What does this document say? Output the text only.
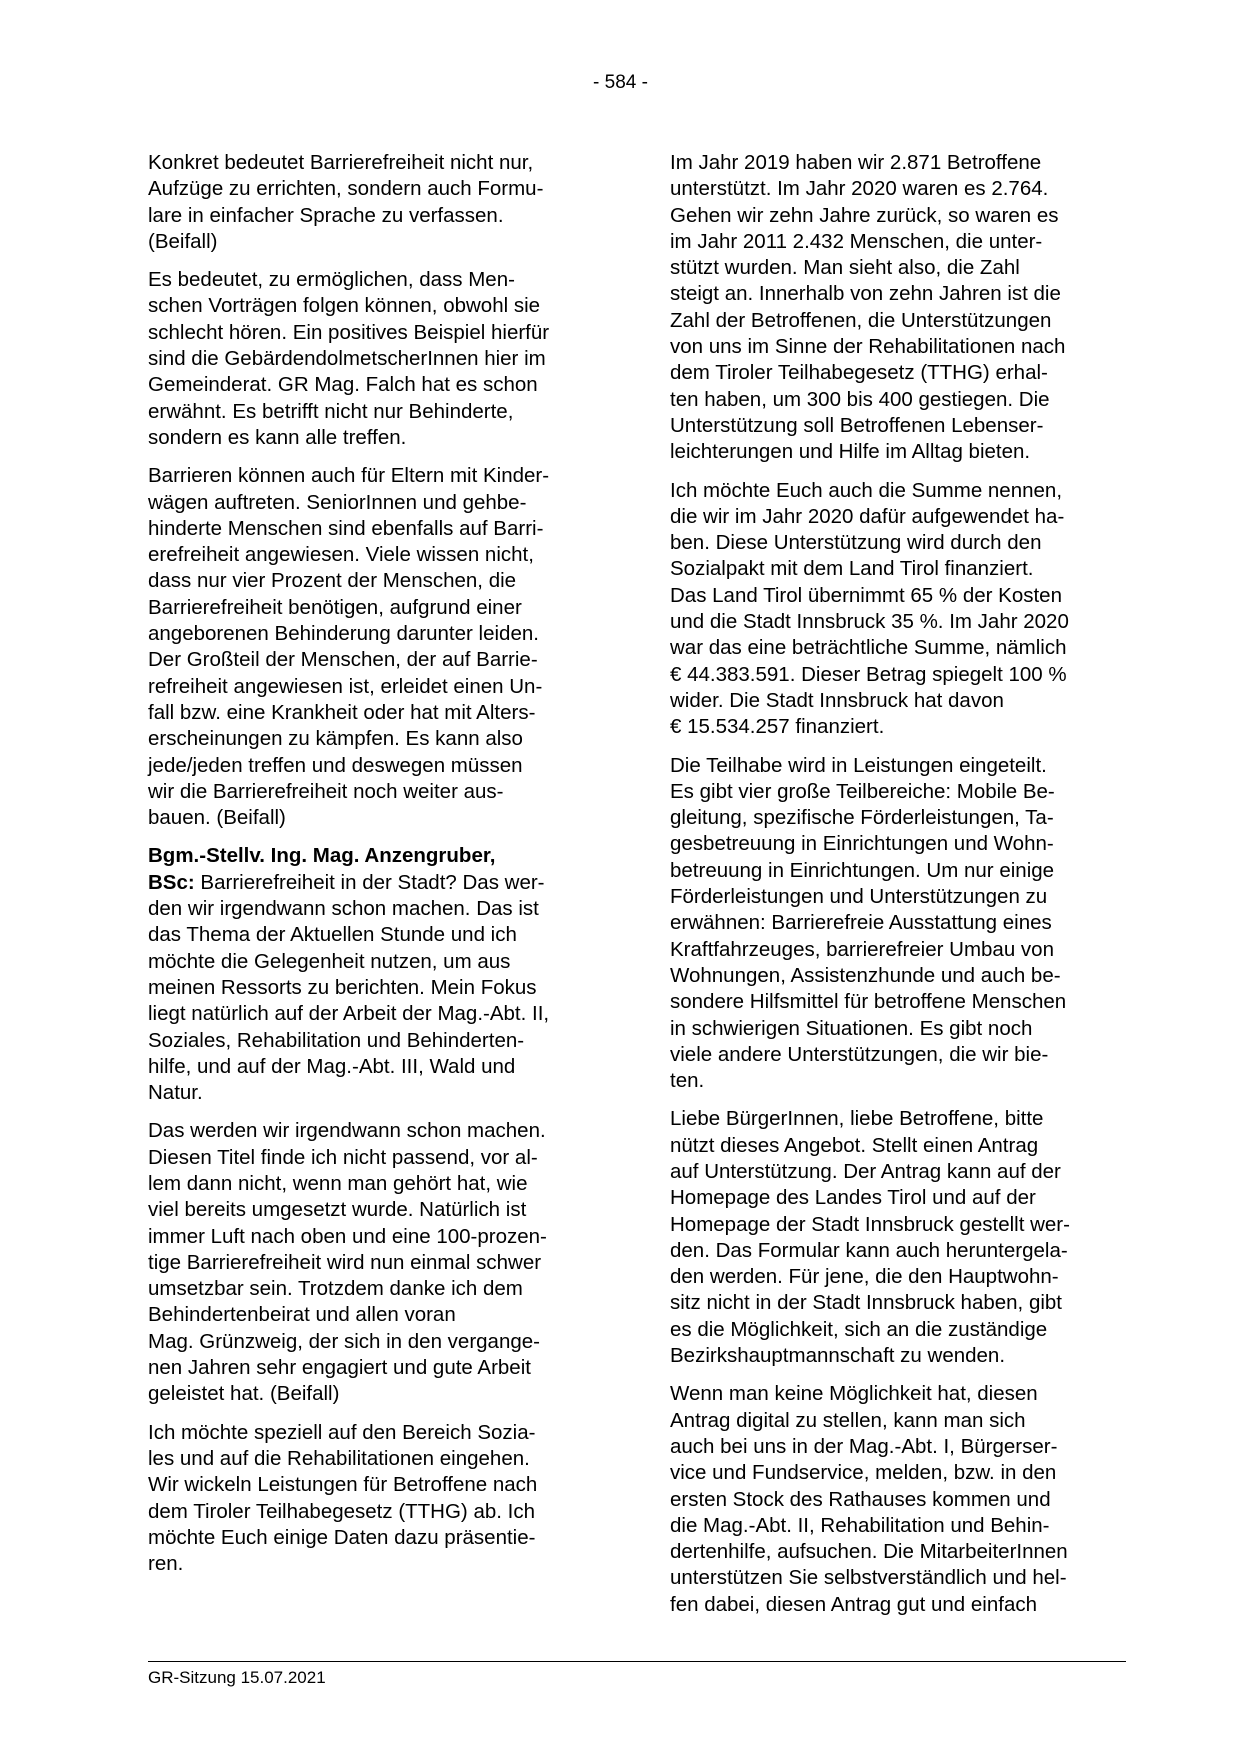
- 584 -

Konkret bedeutet Barrierefreiheit nicht nur,
Aufzüge zu errichten, sondern auch Formu-
lare in einfacher Sprache zu verfassen.
(Beifall)

Es bedeutet, zu ermöglichen, dass Men-
schen Vorträgen folgen können, obwohl sie
schlecht hören. Ein positives Beispiel hierfür
sind die GebärdendolmetscherInnen hier im
Gemeinderat. GR Mag. Falch hat es schon
erwähnt. Es betrifft nicht nur Behinderte,
sondern es kann alle treffen.

Barrieren können auch für Eltern mit Kinder-
wägen auftreten. SeniorInnen und gehbe-
hinderte Menschen sind ebenfalls auf Barri-
erefreiheit angewiesen. Viele wissen nicht,
dass nur vier Prozent der Menschen, die
Barrierefreiheit benötigen, aufgrund einer
angeborenen Behinderung darunter leiden.
Der Großteil der Menschen, der auf Barrie-
refreiheit angewiesen ist, erleidet einen Un-
fall bzw. eine Krankheit oder hat mit Alters-
erscheinungen zu kämpfen. Es kann also
jede/jeden treffen und deswegen müssen
wir die Barrierefreiheit noch weiter aus-
bauen. (Beifall)

Bgm.-Stellv. Ing. Mag. Anzengruber,
BSc: Barrierefreiheit in der Stadt? Das wer-
den wir irgendwann schon machen. Das ist
das Thema der Aktuellen Stunde und ich
möchte die Gelegenheit nutzen, um aus
meinen Ressorts zu berichten. Mein Fokus
liegt natürlich auf der Arbeit der Mag.-Abt. II,
Soziales, Rehabilitation und Behinderten-
hilfe, und auf der Mag.-Abt. III, Wald und
Natur.

Das werden wir irgendwann schon machen.
Diesen Titel finde ich nicht passend, vor al-
lem dann nicht, wenn man gehört hat, wie
viel bereits umgesetzt wurde. Natürlich ist
immer Luft nach oben und eine 100-prozen-
tige Barrierefreiheit wird nun einmal schwer
umsetzbar sein. Trotzdem danke ich dem
Behindertenbeirat und allen voran
Mag. Grünzweig, der sich in den vergange-
nen Jahren sehr engagiert und gute Arbeit
geleistet hat. (Beifall)

Ich möchte speziell auf den Bereich Sozia-
les und auf die Rehabilitationen eingehen.
Wir wickeln Leistungen für Betroffene nach
dem Tiroler Teilhabegesetz (TTHG) ab. Ich
möchte Euch einige Daten dazu präsentie-
ren.

Im Jahr 2019 haben wir 2.871 Betroffene
unterstützt. Im Jahr 2020 waren es 2.764.
Gehen wir zehn Jahre zurück, so waren es
im Jahr 2011 2.432 Menschen, die unter-
stützt wurden. Man sieht also, die Zahl
steigt an. Innerhalb von zehn Jahren ist die
Zahl der Betroffenen, die Unterstützungen
von uns im Sinne der Rehabilitationen nach
dem Tiroler Teilhabegesetz (TTHG) erhal-
ten haben, um 300 bis 400 gestiegen. Die
Unterstützung soll Betroffenen Lebenser-
leichterungen und Hilfe im Alltag bieten.

Ich möchte Euch auch die Summe nennen,
die wir im Jahr 2020 dafür aufgewendet ha-
ben. Diese Unterstützung wird durch den
Sozialpakt mit dem Land Tirol finanziert.
Das Land Tirol übernimmt 65 % der Kosten
und die Stadt Innsbruck 35 %. Im Jahr 2020
war das eine beträchtliche Summe, nämlich
€ 44.383.591. Dieser Betrag spiegelt 100 %
wider. Die Stadt Innsbruck hat davon
€ 15.534.257 finanziert.

Die Teilhabe wird in Leistungen eingeteilt.
Es gibt vier große Teilbereiche: Mobile Be-
gleitung, spezifische Förderleistungen, Ta-
gesbetreuung in Einrichtungen und Wohn-
betreuung in Einrichtungen. Um nur einige
Förderleistungen und Unterstützungen zu
erwähnen: Barrierefreie Ausstattung eines
Kraftfahrzeuges, barrierefreier Umbau von
Wohnungen, Assistenzhunde und auch be-
sondere Hilfsmittel für betroffene Menschen
in schwierigen Situationen. Es gibt noch
viele andere Unterstützungen, die wir bie-
ten.

Liebe BürgerInnen, liebe Betroffene, bitte
nützt dieses Angebot. Stellt einen Antrag
auf Unterstützung. Der Antrag kann auf der
Homepage des Landes Tirol und auf der
Homepage der Stadt Innsbruck gestellt wer-
den. Das Formular kann auch heruntergela-
den werden. Für jene, die den Hauptwohn-
sitz nicht in der Stadt Innsbruck haben, gibt
es die Möglichkeit, sich an die zuständige
Bezirkshauptmannschaft zu wenden.

Wenn man keine Möglichkeit hat, diesen
Antrag digital zu stellen, kann man sich
auch bei uns in der Mag.-Abt. I, Bürgerser-
vice und Fundservice, melden, bzw. in den
ersten Stock des Rathauses kommen und
die Mag.-Abt. II, Rehabilitation und Behin-
dertenhilfe, aufsuchen. Die MitarbeiterInnen
unterstützen Sie selbstverständlich und hel-
fen dabei, diesen Antrag gut und einfach

GR-Sitzung 15.07.2021
